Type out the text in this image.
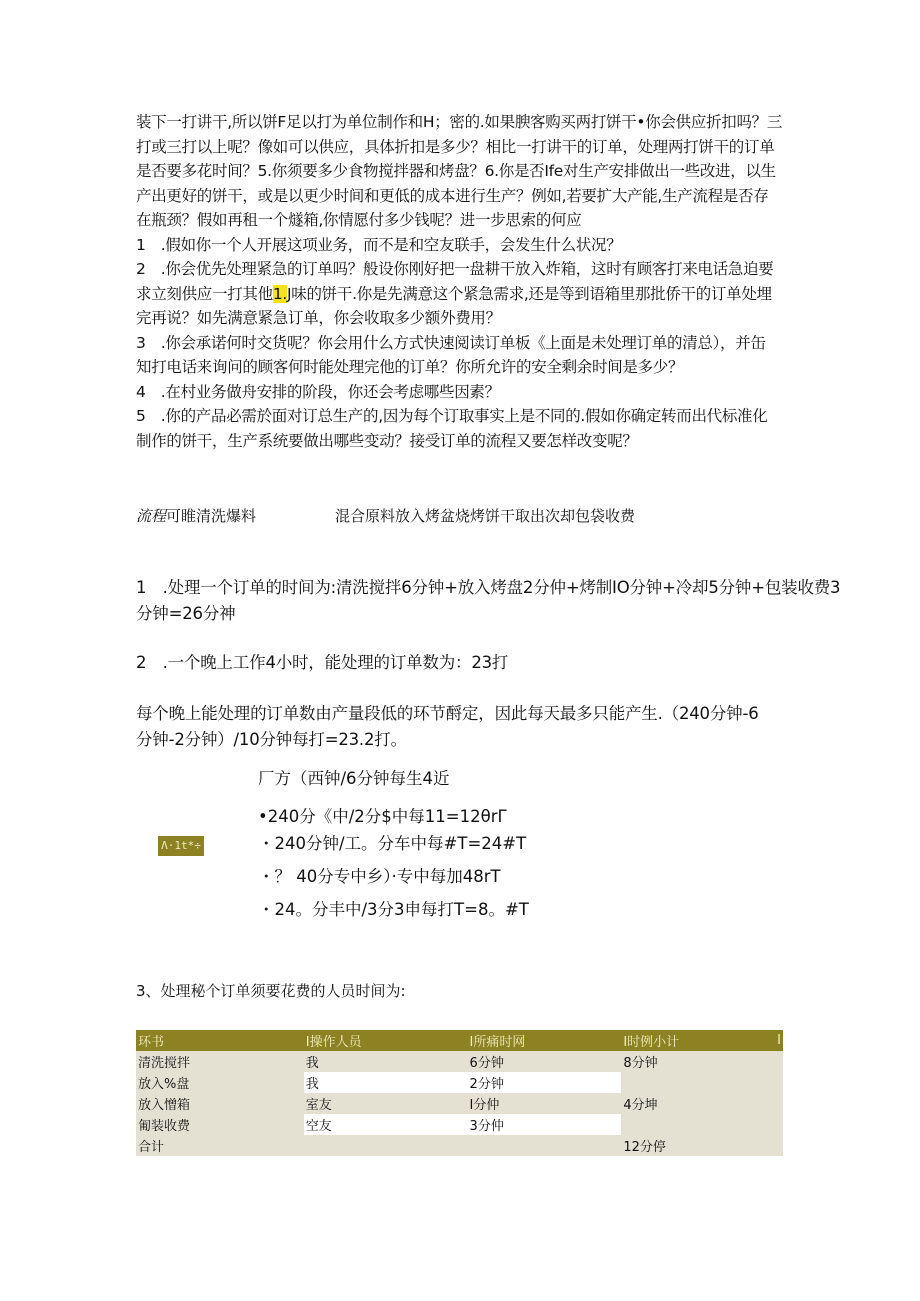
装下一打讲干,所以饼F足以打为单位制作和H；密的.如果腴客购买两打饼干•你会供应折扣吗？三
打或三打以上呢？像如可以供应，具体折扣是多少？相比一打讲干的订单，处理两打饼干的订单
是否要多花时间？5.你须要多少食物搅拌器和烤盘？6.你是否Ife对生产安排做出一些改进，以生
产出更好的饼干，或是以更少时间和更低的成本进行生产？例如,若要扩大产能,生产流程是否存
在瓶颈？假如再租一个燧箱,你情愿付多少钱呢？进一步思索的何应
1　.假如你一个人开展这项业务，而不是和空友联手，会发生什么状况？
2　.你会优先处理紧急的订单吗？般设你刚好把一盘耕干放入炸箱，这时有顾客打来电话急迫要
求立刻供应一打其他1.J味的饼干.你是先满意这个紧急需求,还是等到语箱里那批侨干的订单处埋
完再说？如先满意紧急订单，你会收取多少额外费用？
3　.你会承诺何时交货呢？你会用什么方式快速阅读订单板《上面是未处理订单的清总），并缶
知打电话来询问的顾客何时能处理完他的订单？你所允许的安全剩余时间是多少？
4　.在村业务做舟安排的阶段，你还会考虑哪些因素？
5　.你的产品必需於面对订总生产的,因为每个订取事实上是不同的.假如你确定转而出代标准化
制作的饼干，生产系统要做出哪些变动？接受订单的流程又要怎样改变呢？
流程可睢清洗爆料	混合原料放入烤盆烧烤饼干取出次却包袋收费
1　.处理一个订单的时间为:清洗搅拌6分钟+放入烤盘2分仲+烤制IO分钟+冷却5分钟+包装收费3
分钟=26分神
2　.一个晚上工作4小时，能处理的订单数为：23打
每个晚上能处理的订单数由产量段低的环节酹定，因此每天最多只能产生.（240分钟-6
分钟-2分钟）/10分钟每打=23.2打。
厂方（西钟/6分钟每生4近
•240分《中/2分$中每11=12θrΓ
・240分钟/工。分车中每#T=24#T
・？ 40分专中乡）·专中每加48rT
・24。分丰中/3分3申每打T=8。#T
Λ·1t*÷
3、处理秘个订单须要花费的人员时间为:
环书	I操作人员	I所痛时网	I时例小计	I
清洗搅拌	我	6分钟	8分钟	
放入%盘	我	2分钟		
放入憎箱	室友	I分仲	4分坤	
匍装收费	空友	3分仲		
合计			12分停	
